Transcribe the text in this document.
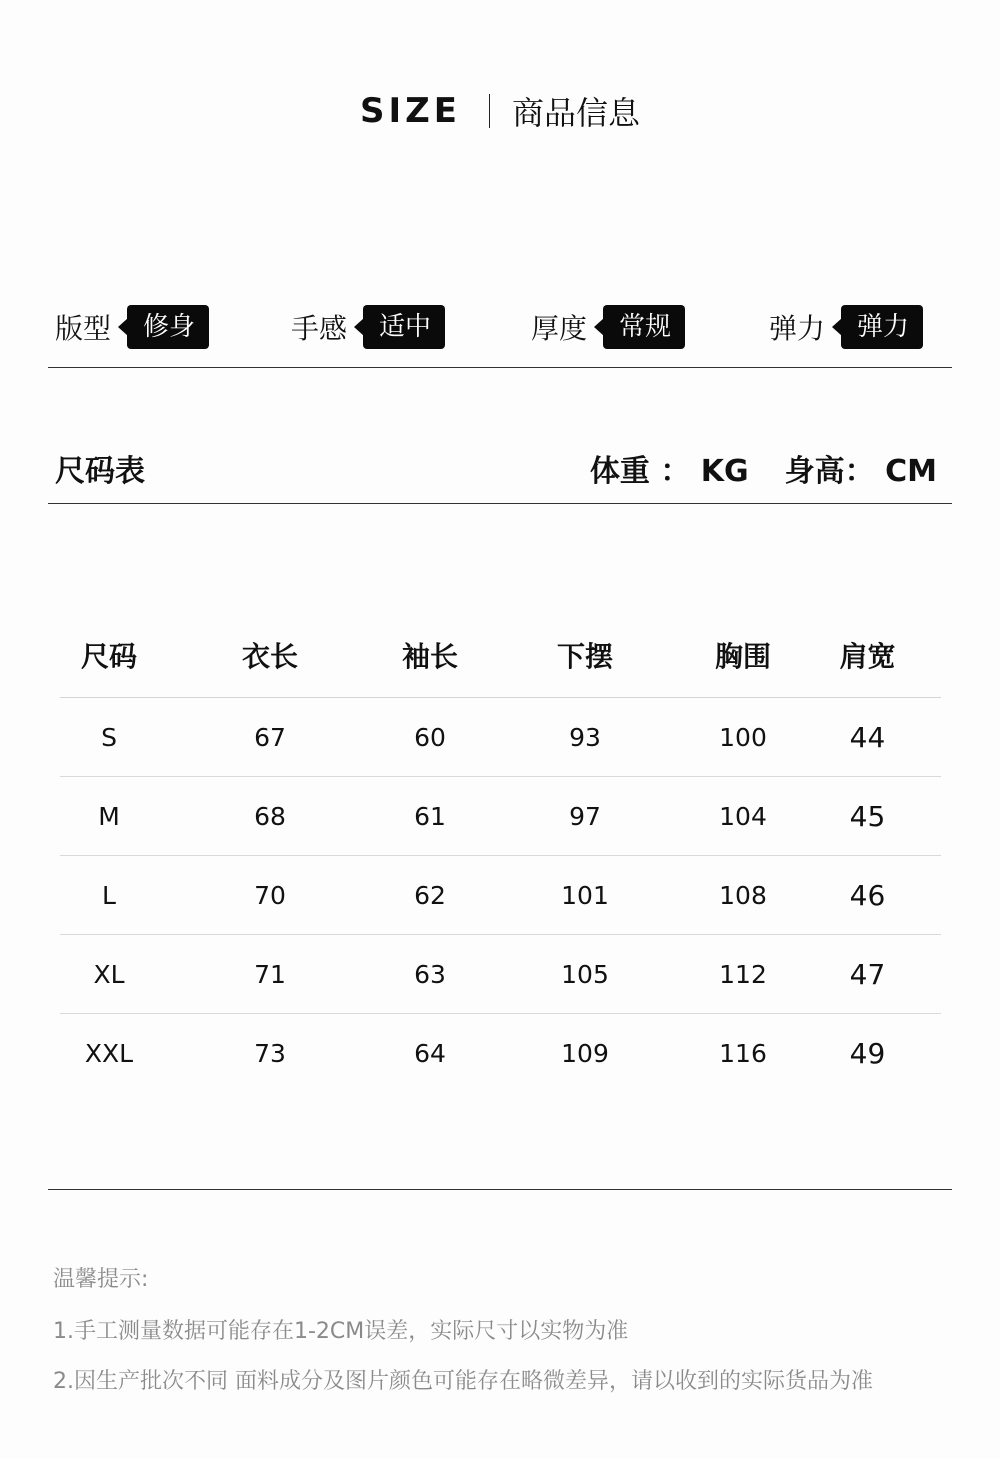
SIZE 商品信息
版型	修身	手感	适中	厚度	常规	弹力	弹力
尺码表	体重 ： KG 身高： CM
尺码	衣长	袖长	下摆	胸围	肩宽
S	67	60	93	100	44
M	68	61	97	104	45
L	70	62	101	108	46
XL	71	63	105	112	47
XXL	73	64	109	116	49
温馨提示:
1.手工测量数据可能存在1-2CM误差，实际尺寸以实物为准
2.因生产批次不同 面料成分及图片颜色可能存在略微差异，请以收到的实际货品为准
